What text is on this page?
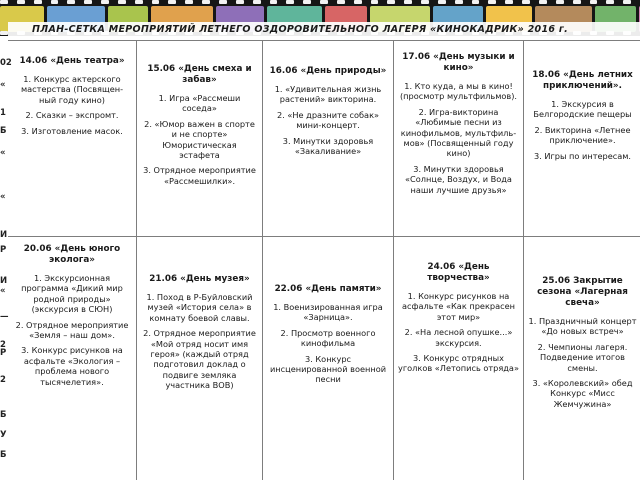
ПЛАН-СЕТКА МЕРОПРИЯТИЙ ЛЕТНЕГО ОЗДОРОВИТЕЛЬНОГО ЛАГЕРЯ «КИНОКАДРИК» 2016 г.
02
«
1
Б
«
«
И
Р
И
«
—
2
Р
2
Б
У
Б

14.06 «День театра»

1. Конкурс актерского мастерства (Посвящен- ный году кино)

2. Сказки – экспромт.

3. Изготовление масок.

15.06 «День смеха и забав»

1. Игра «Рассмеши соседа»

2. «Юмор важен в спорте и не спорте» Юмористическая эстафета

3. Отрядное мероприятие «Рассмешилки».

16.06 «День природы»

1. «Удивительная жизнь растений» викторина.

2. «Не дразните собак» мини-концерт.

3. Минутки здоровья «Закаливание»

17.06 «День музыки и кино»

1. Кто куда, а мы в кино! (просмотр мультфильмов).

2. Игра-викторина «Любимые песни из кинофильмов, мультфиль- мов» (Посвященный году кино)

3. Минутки здоровья «Солнце, Воздух, и Вода наши лучшие друзья»

18.06 «День летних приключений».

1. Экскурсия в Белгородские пещеры

2. Викторина «Летнее приключение».

3. Игры по интересам.

20.06 «День юного эколога»

1. Экскурсионная программа «Дикий мир родной природы» (экскурсия в СЮН)

2. Отрядное мероприятие «Земля – наш дом».

3. Конкурс рисунков на асфальте «Экология – проблема нового тысячелетия».

21.06 «День музея»

1. Поход в Р-Буйловский музей «История села» в комнату боевой славы.

2. Отрядное мероприятие «Мой отряд носит имя героя» (каждый отряд подготовил доклад о подвиге земляка участника ВОВ)

22.06 «День памяти»

1. Военизированная игра «Зарница».

2. Просмотр военного кинофильма

3. Конкурс инсценированной военной песни

24.06 «День творчества»

1. Конкурс рисунков на асфальте «Как прекрасен этот мир»

2. «На лесной опушке...» экскурсия.

3. Конкурс отрядных уголков «Летопись отряда»

25.06 Закрытие сезона «Лагерная свеча»

1. Праздничный концерт «До новых встреч»

2. Чемпионы лагеря. Подведение итогов смены.

3. «Королевский» обед Конкурс «Мисс Жемчужина»
